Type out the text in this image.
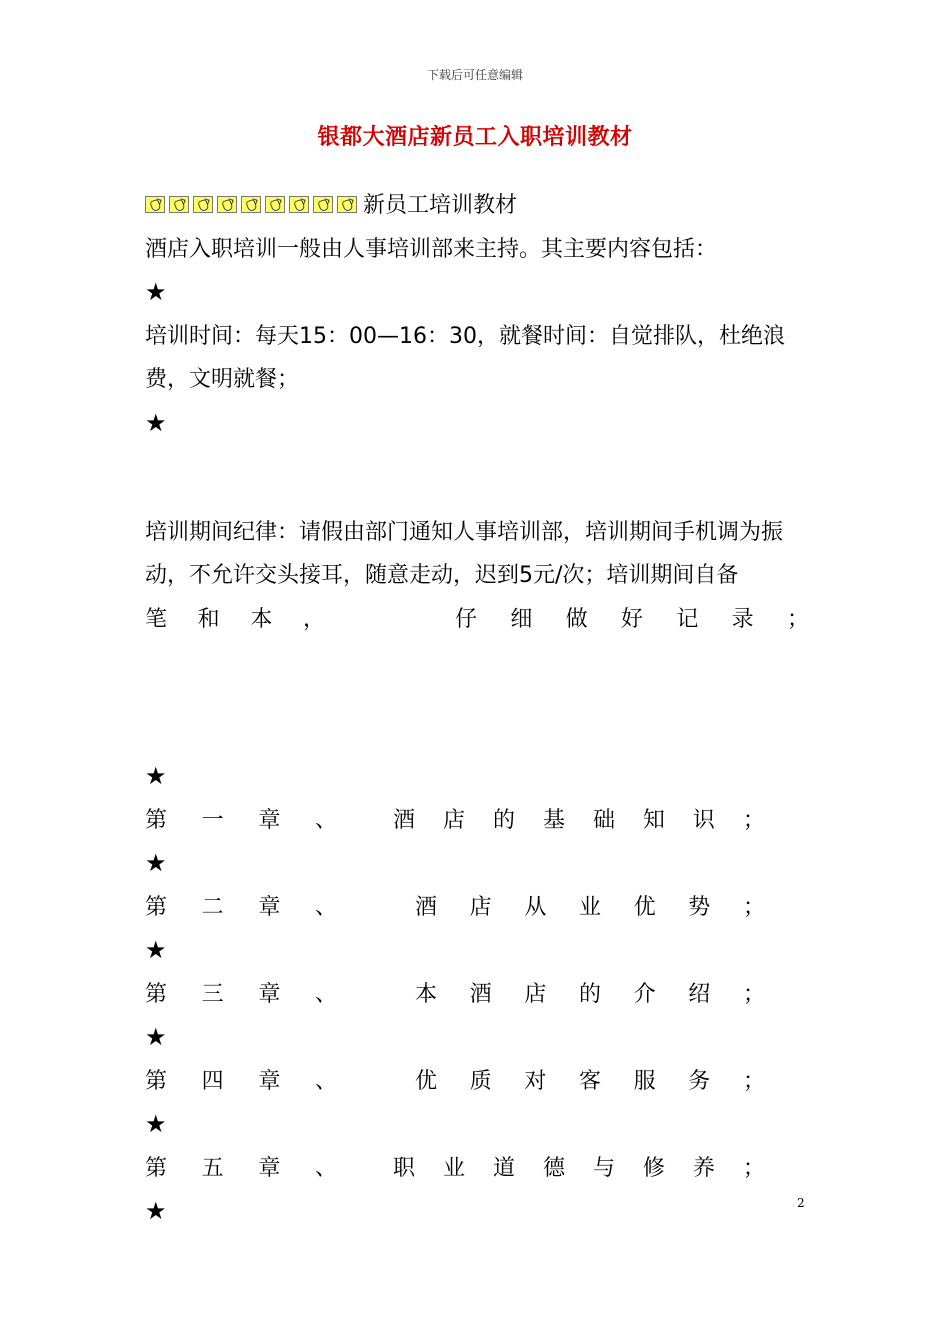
下载后可任意编辑
银都大酒店新员工入职培训教材
新员工培训教材
酒店入职培训一般由人事培训部来主持。其主要内容包括：
★
培训时间：每天15：00—16：30，就餐时间：自觉排队，杜绝浪费，文明就餐；
★
培训期间纪律：请假由部门通知人事培训部，培训期间手机调为振动，不允许交头接耳，随意走动，迟到5元/次；培训期间自备
笔 和 本 ，	仔 细 做 好 记 录 ；
★
第 一 章 、	酒 店 的 基 础 知 识 ；
★
第 二 章 、	酒 店 从 业 优 势 ；
★
第 三 章 、	本 酒 店 的 介 绍 ；
★
第 四 章 、	优 质 对 客 服 务 ；
★
第 五 章 、	职 业 道 德 与 修 养 ；
★	2
